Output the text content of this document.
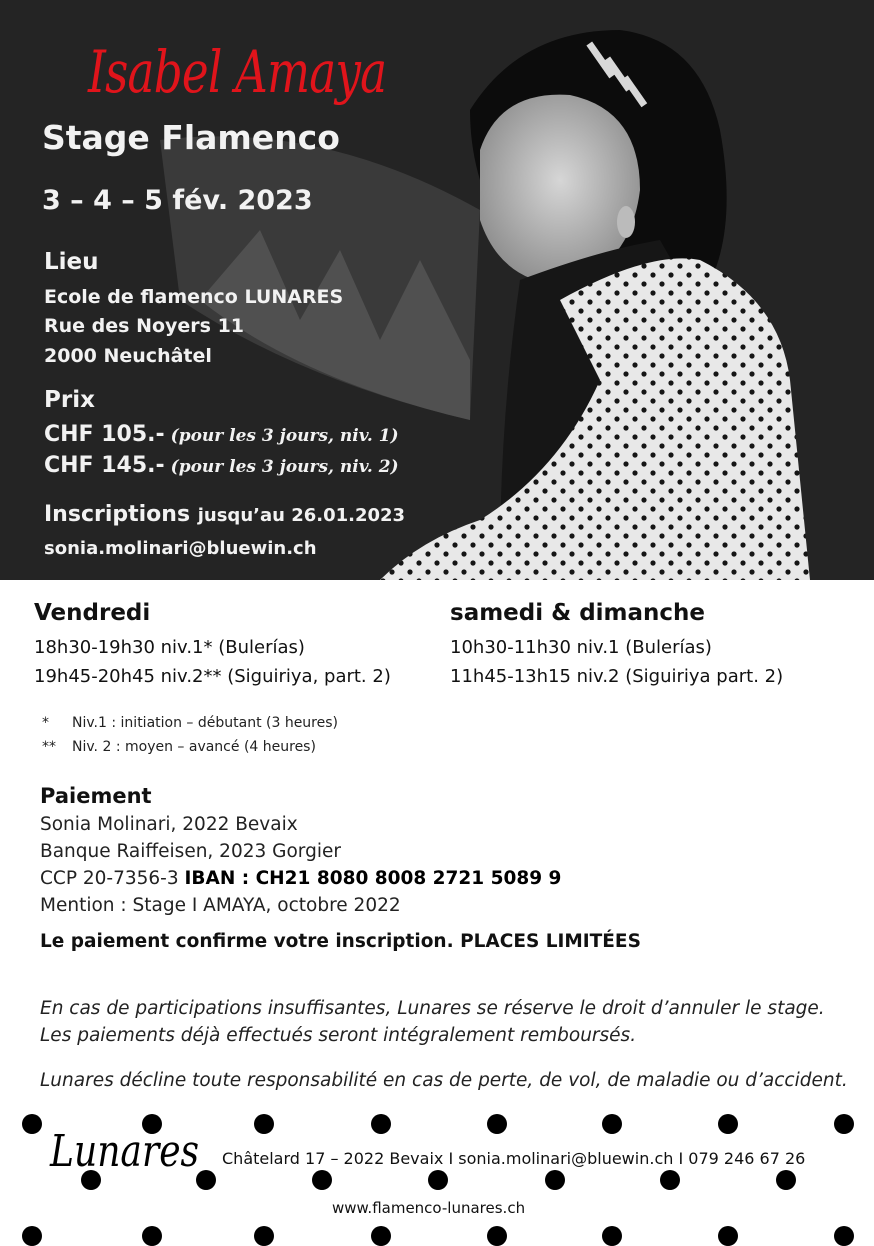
Isabel Amaya
Stage Flamenco
3 – 4 – 5 fév. 2023
Lieu
Ecole de flamenco LUNARES
Rue des Noyers 11
2000 Neuchâtel
Prix
CHF 105.- (pour les 3 jours, niv. 1)
CHF 145.- (pour les 3 jours, niv. 2)
Inscriptions jusqu’au 26.01.2023
sonia.molinari@bluewin.ch
Vendredi
18h30-19h30 niv.1* (Bulerías)
19h45-20h45 niv.2** (Siguiriya, part. 2)
samedi & dimanche
10h30-11h30 niv.1 (Bulerías)
11h45-13h15 niv.2 (Siguiriya part. 2)
* Niv.1 : initiation – débutant (3 heures)
** Niv. 2 : moyen – avancé (4 heures)
Paiement
Sonia Molinari, 2022 Bevaix
Banque Raiffeisen, 2023 Gorgier
CCP 20-7356-3 IBAN : CH21 8080 8008 2721 5089 9
Mention : Stage I AMAYA, octobre 2022
Le paiement confirme votre inscription. PLACES LIMITÉES
En cas de participations insuffisantes, Lunares se réserve le droit d’annuler le stage.
Les paiements déjà effectués seront intégralement remboursés.
Lunares décline toute responsabilité en cas de perte, de vol, de maladie ou d’accident.
Lunares Châtelard 17 – 2022 Bevaix I sonia.molinari@bluewin.ch I 079 246 67 26
www.flamenco-lunares.ch
